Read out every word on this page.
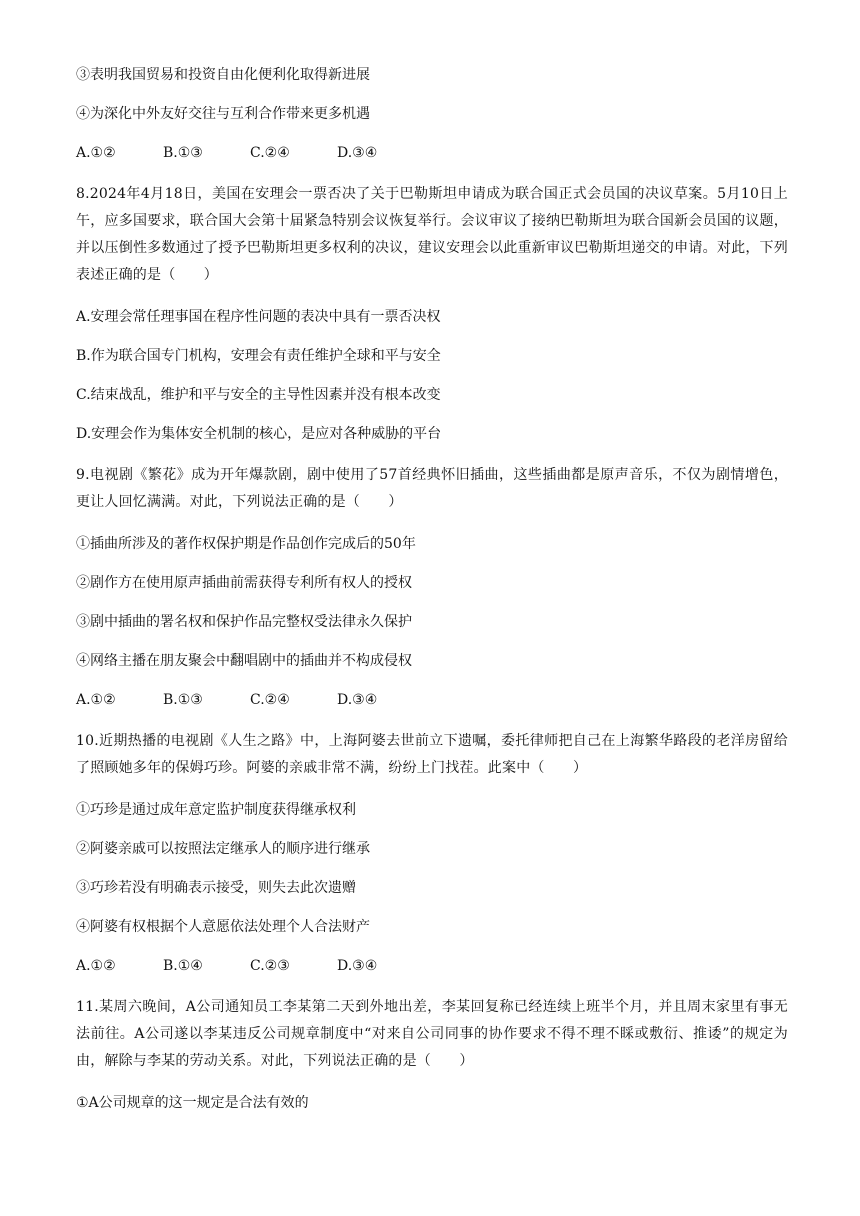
③表明我国贸易和投资自由化便利化取得新进展

④为深化中外友好交往与互利合作带来更多机遇

A.①②	B.①③	C.②④	D.③④

8.2024年4月18日，美国在安理会一票否决了关于巴勒斯坦申请成为联合国正式会员国的决议草案。5月10日上午，应多国要求，联合国大会第十届紧急特别会议恢复举行。会议审议了接纳巴勒斯坦为联合国新会员国的议题，并以压倒性多数通过了授予巴勒斯坦更多权利的决议，建议安理会以此重新审议巴勒斯坦递交的申请。对此，下列表述正确的是（　　）

A.安理会常任理事国在程序性问题的表决中具有一票否决权

B.作为联合国专门机构，安理会有责任维护全球和平与安全

C.结束战乱，维护和平与安全的主导性因素并没有根本改变

D.安理会作为集体安全机制的核心，是应对各种威胁的平台

9.电视剧《繁花》成为开年爆款剧，剧中使用了57首经典怀旧插曲，这些插曲都是原声音乐，不仅为剧情增色，更让人回忆满满。对此，下列说法正确的是（　　）

①插曲所涉及的著作权保护期是作品创作完成后的50年

②剧作方在使用原声插曲前需获得专利所有权人的授权

③剧中插曲的署名权和保护作品完整权受法律永久保护

④网络主播在朋友聚会中翻唱剧中的插曲并不构成侵权

A.①②	B.①③	C.②④	D.③④

10.近期热播的电视剧《人生之路》中，上海阿婆去世前立下遗嘱，委托律师把自己在上海繁华路段的老洋房留给了照顾她多年的保姆巧珍。阿婆的亲戚非常不满，纷纷上门找茬。此案中（　　）

①巧珍是通过成年意定监护制度获得继承权利

②阿婆亲戚可以按照法定继承人的顺序进行继承

③巧珍若没有明确表示接受，则失去此次遗赠

④阿婆有权根据个人意愿依法处理个人合法财产

A.①②	B.①④	C.②③	D.③④

11.某周六晚间，A公司通知员工李某第二天到外地出差，李某回复称已经连续上班半个月，并且周末家里有事无法前往。A公司遂以李某违反公司规章制度中“对来自公司同事的协作要求不得不理不睬或敷衍、推诿”的规定为由，解除与李某的劳动关系。对此，下列说法正确的是（　　）

①A公司规章的这一规定是合法有效的
